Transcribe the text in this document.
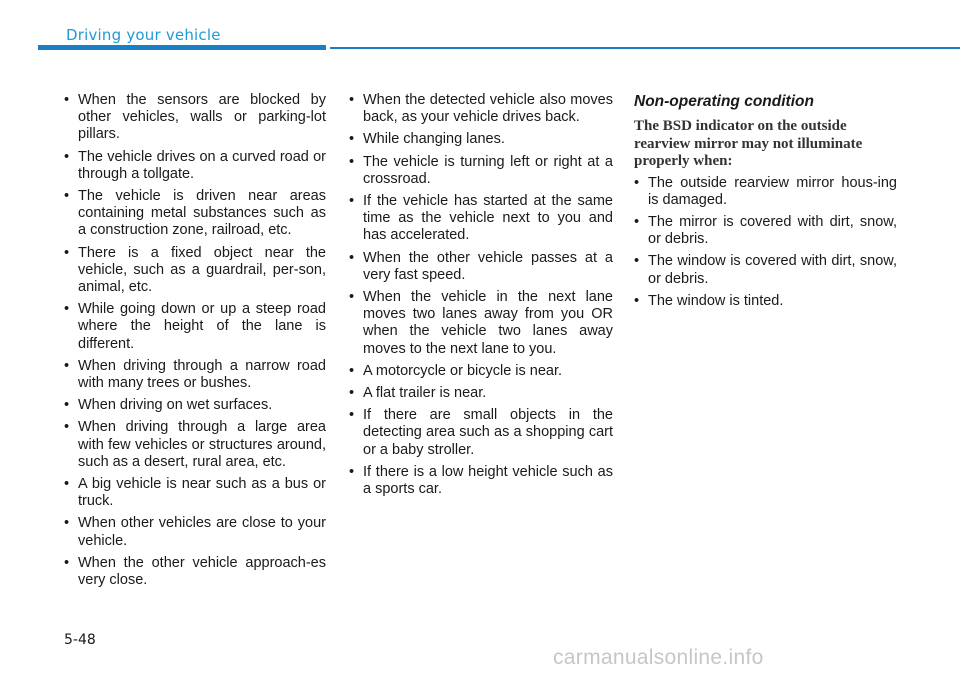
Driving your vehicle
• When the sensors are blocked by other vehicles, walls or parking-lot pillars.
• The vehicle drives on a curved road or through a tollgate.
• The vehicle is driven near areas containing metal substances such as a construction zone, railroad, etc.
• There is a fixed object near the vehicle, such as a guardrail, per-son, animal, etc.
• While going down or up a steep road where the height of the lane is different.
• When driving through a narrow road with many trees or bushes.
• When driving on wet surfaces.
• When driving through a large area with few vehicles or structures around, such as a desert, rural area, etc.
• A big vehicle is near such as a bus or truck.
• When other vehicles are close to your vehicle.
• When the other vehicle approach-es very close.
• When the detected vehicle also moves back, as your vehicle drives back.
• While changing lanes.
• The vehicle is turning left or right at a crossroad.
• If the vehicle has started at the same time as the vehicle next to you and has accelerated.
• When the other vehicle passes at a very fast speed.
• When the vehicle in the next lane moves two lanes away from you OR when the vehicle two lanes away moves to the next lane to you.
• A motorcycle or bicycle is near.
• A flat trailer is near.
• If there are small objects in the detecting area such as a shopping cart or a baby stroller.
• If there is a low height vehicle such as a sports car.
Non-operating condition

The BSD indicator on the outside rearview mirror may not illuminate properly when:

• The outside rearview mirror hous-ing is damaged.
• The mirror is covered with dirt, snow, or debris.
• The window is covered with dirt, snow, or debris.
• The window is tinted.
5-48
carmanualsonline.info
